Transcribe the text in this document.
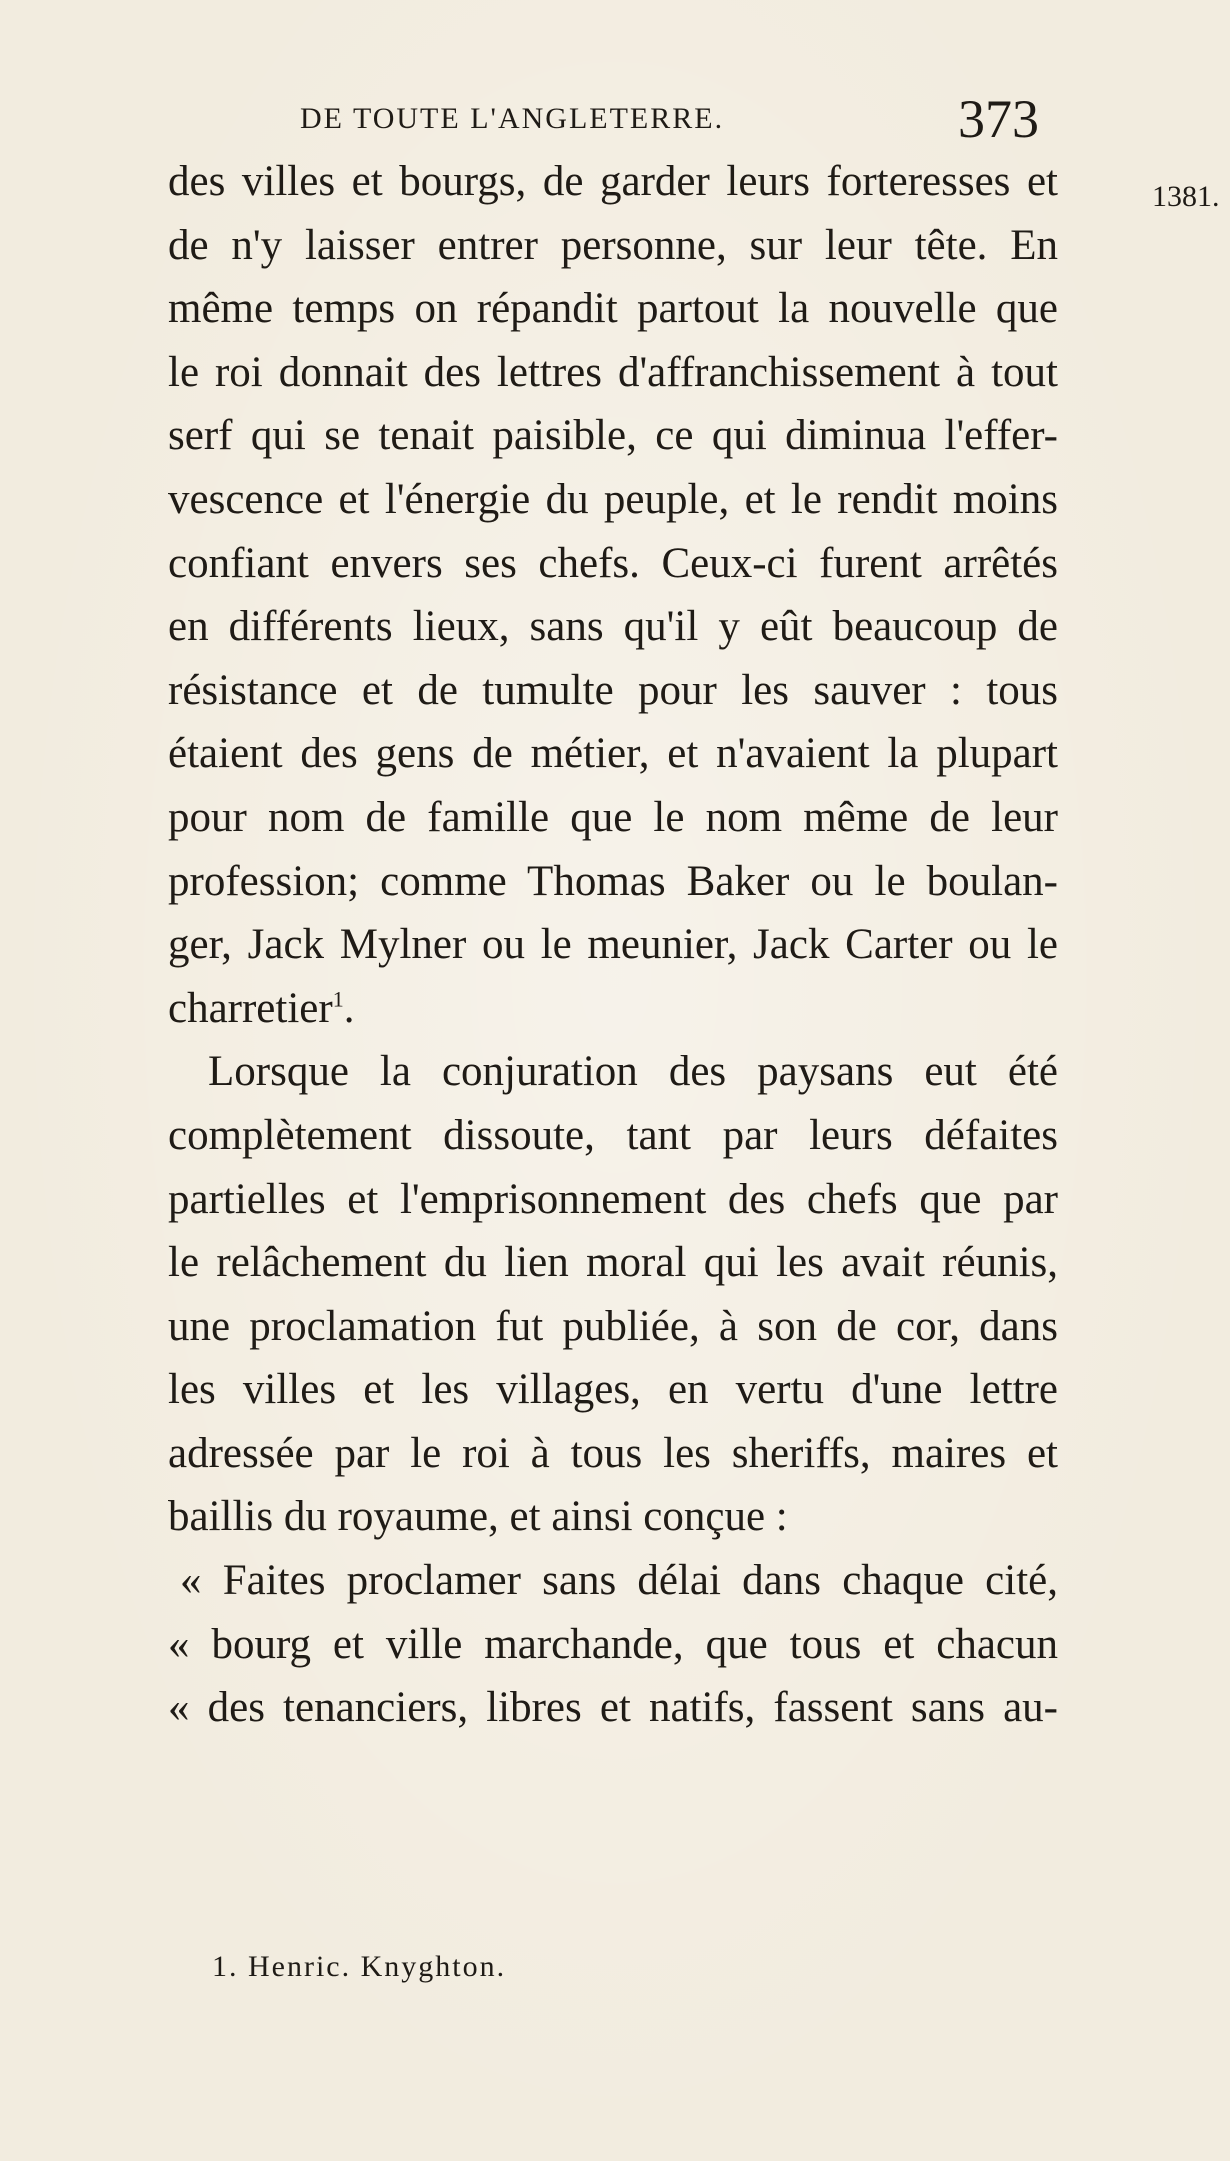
DE TOUTE L'ANGLETERRE.	373
1381.
des villes et bourgs, de garder leurs forteresses et
de n'y laisser entrer personne, sur leur tête. En
même temps on répandit partout la nouvelle que
le roi donnait des lettres d'affranchissement à tout
serf qui se tenait paisible, ce qui diminua l'effer-
vescence et l'énergie du peuple, et le rendit moins
confiant envers ses chefs. Ceux-ci furent arrêtés
en différents lieux, sans qu'il y eût beaucoup de
résistance et de tumulte pour les sauver : tous
étaient des gens de métier, et n'avaient la plupart
pour nom de famille que le nom même de leur
profession; comme Thomas Baker ou le boulan-
ger, Jack Mylner ou le meunier, Jack Carter ou le
charretier$^1$.
Lorsque la conjuration des paysans eut été
complètement dissoute, tant par leurs défaites
partielles et l'emprisonnement des chefs que par
le relâchement du lien moral qui les avait réunis,
une proclamation fut publiée, à son de cor, dans
les villes et les villages, en vertu d'une lettre
adressée par le roi à tous les sheriffs, maires et
baillis du royaume, et ainsi conçue :
« Faites proclamer sans délai dans chaque cité,
« bourg et ville marchande, que tous et chacun
« des tenanciers, libres et natifs, fassent sans au-
1. Henric. Knyghton.
